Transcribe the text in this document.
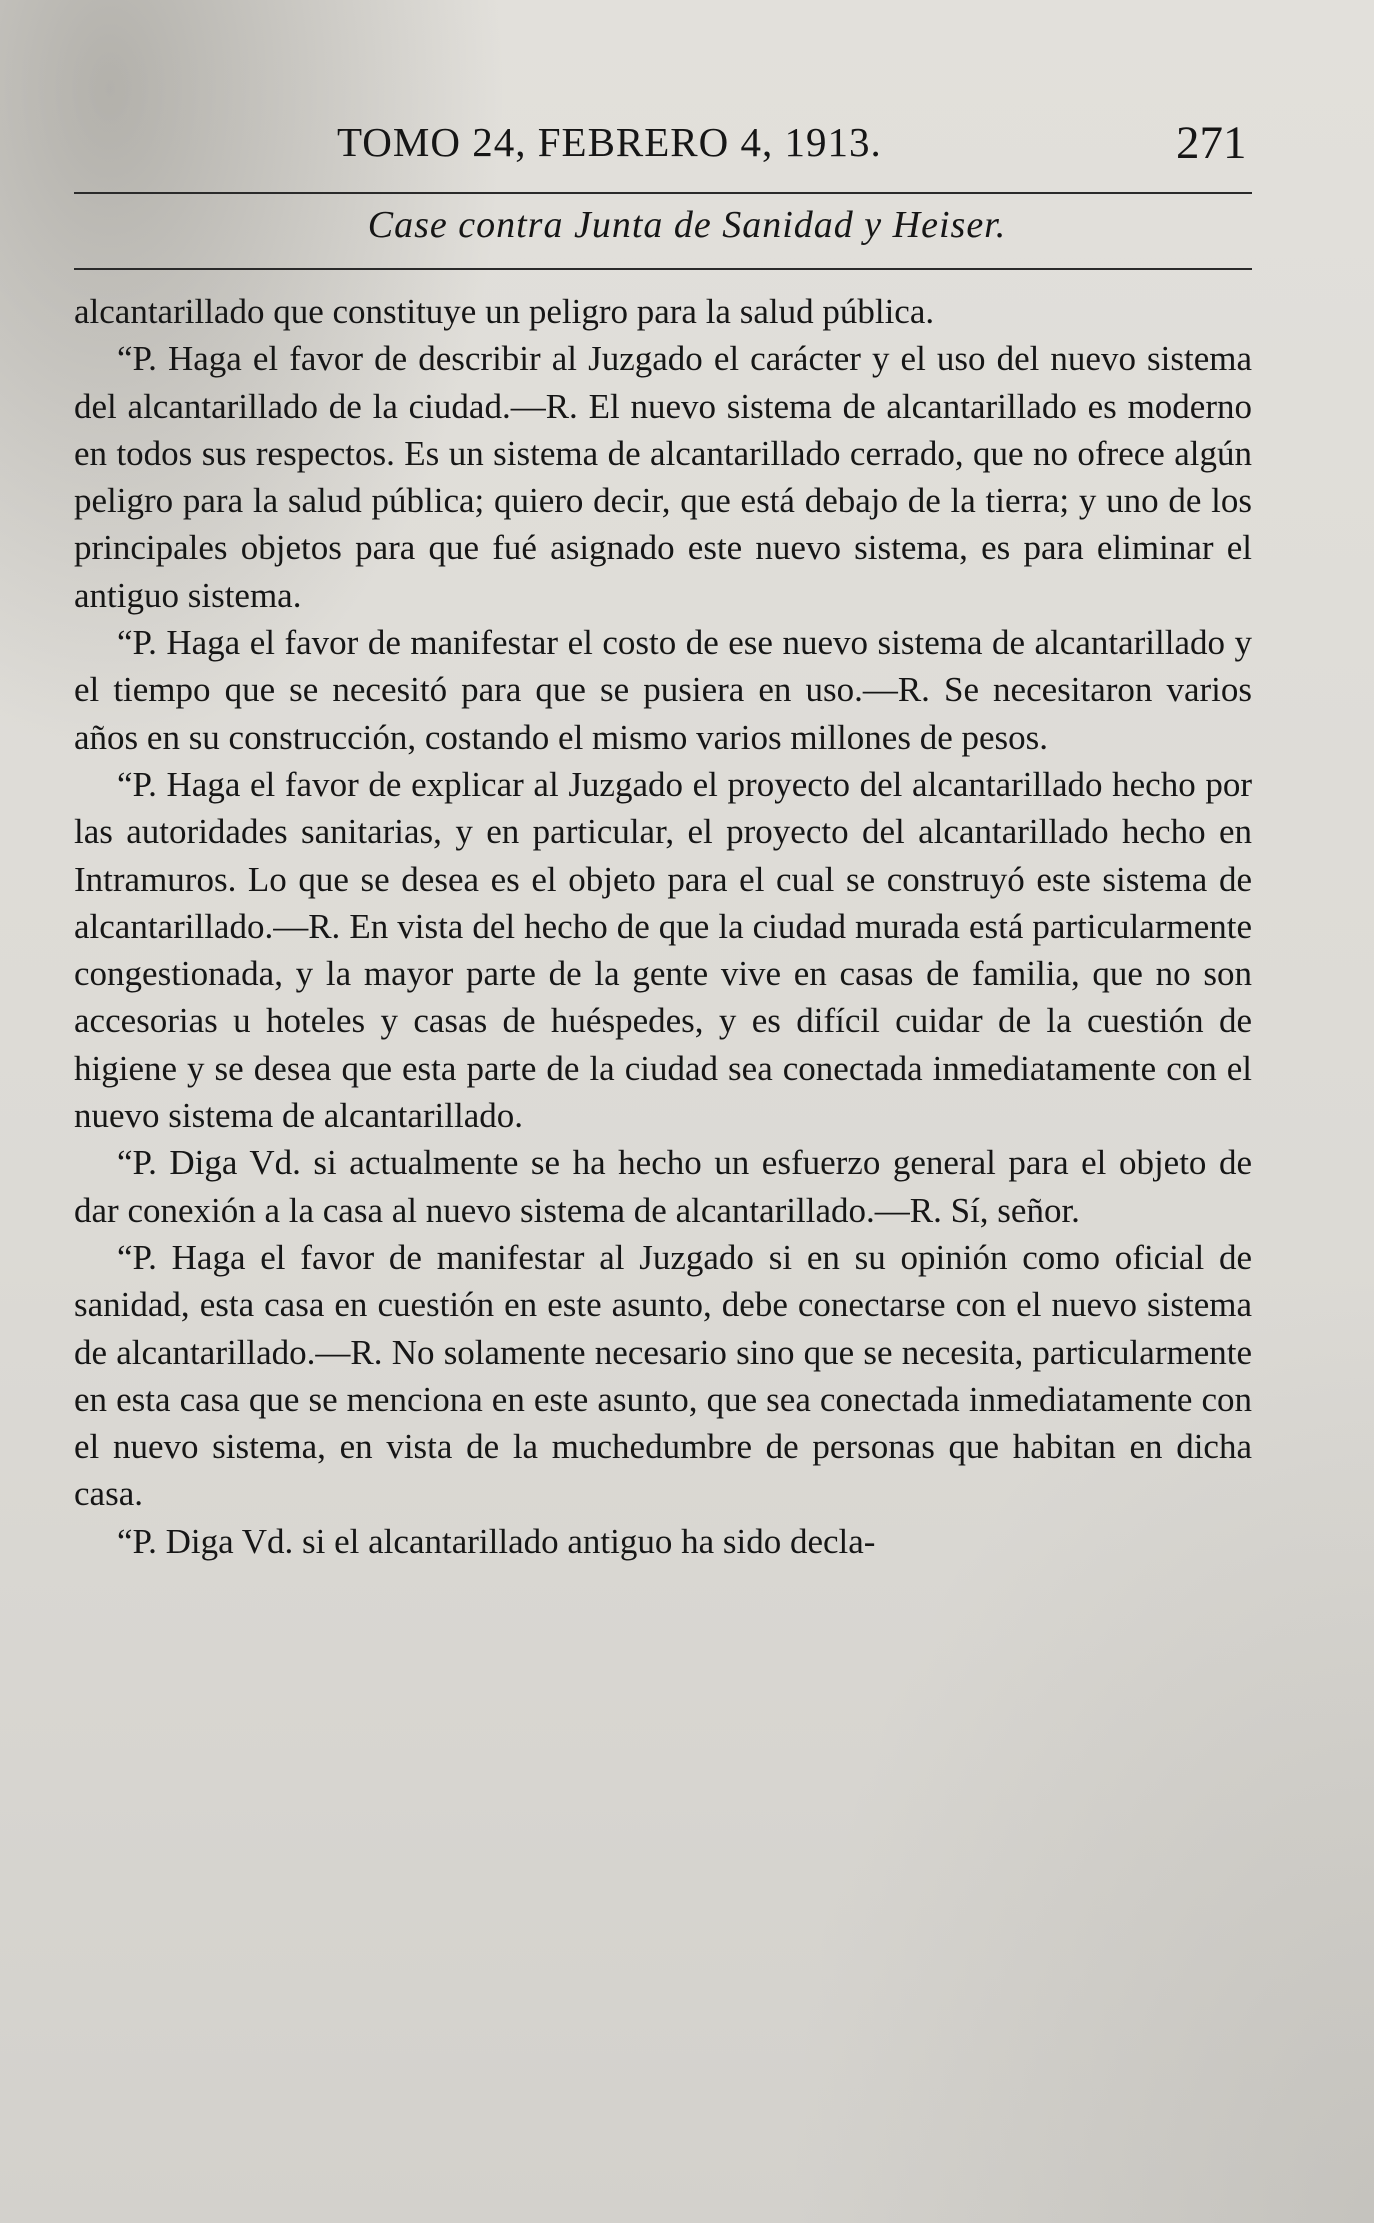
TOMO 24, FEBRERO 4, 1913.	271
Case contra Junta de Sanidad y Heiser.

alcantarillado que constituye un peligro para la salud pública.

“P. Haga el favor de describir al Juzgado el carácter y el uso del nuevo sistema del alcantarillado de la ciudad.—R. El nuevo sistema de alcantarillado es moderno en todos sus respectos. Es un sistema de alcantarillado cerrado, que no ofrece algún peligro para la salud pública; quiero decir, que está debajo de la tierra; y uno de los principales objetos para que fué asignado este nuevo sistema, es para eliminar el antiguo sistema.

“P. Haga el favor de manifestar el costo de ese nuevo sistema de alcantarillado y el tiempo que se necesitó para que se pusiera en uso.—R. Se necesitaron varios años en su construcción, costando el mismo varios millones de pesos.

“P. Haga el favor de explicar al Juzgado el proyecto del alcantarillado hecho por las autoridades sanitarias, y en particular, el proyecto del alcantarillado hecho en Intramuros. Lo que se desea es el objeto para el cual se construyó este sistema de alcantarillado.—R. En vista del hecho de que la ciudad murada está particularmente congestionada, y la mayor parte de la gente vive en casas de familia, que no son accesorias u hoteles y casas de huéspedes, y es difícil cuidar de la cuestión de higiene y se desea que esta parte de la ciudad sea conectada inmediatamente con el nuevo sistema de alcantarillado.

“P. Diga Vd. si actualmente se ha hecho un esfuerzo general para el objeto de dar conexión a la casa al nuevo sistema de alcantarillado.—R. Sí, señor.

“P. Haga el favor de manifestar al Juzgado si en su opinión como oficial de sanidad, esta casa en cuestión en este asunto, debe conectarse con el nuevo sistema de alcantarillado.—R. No solamente necesario sino que se necesita, particularmente en esta casa que se menciona en este asunto, que sea conectada inmediatamente con el nuevo sistema, en vista de la muchedumbre de personas que habitan en dicha casa.

“P. Diga Vd. si el alcantarillado antiguo ha sido decla-
